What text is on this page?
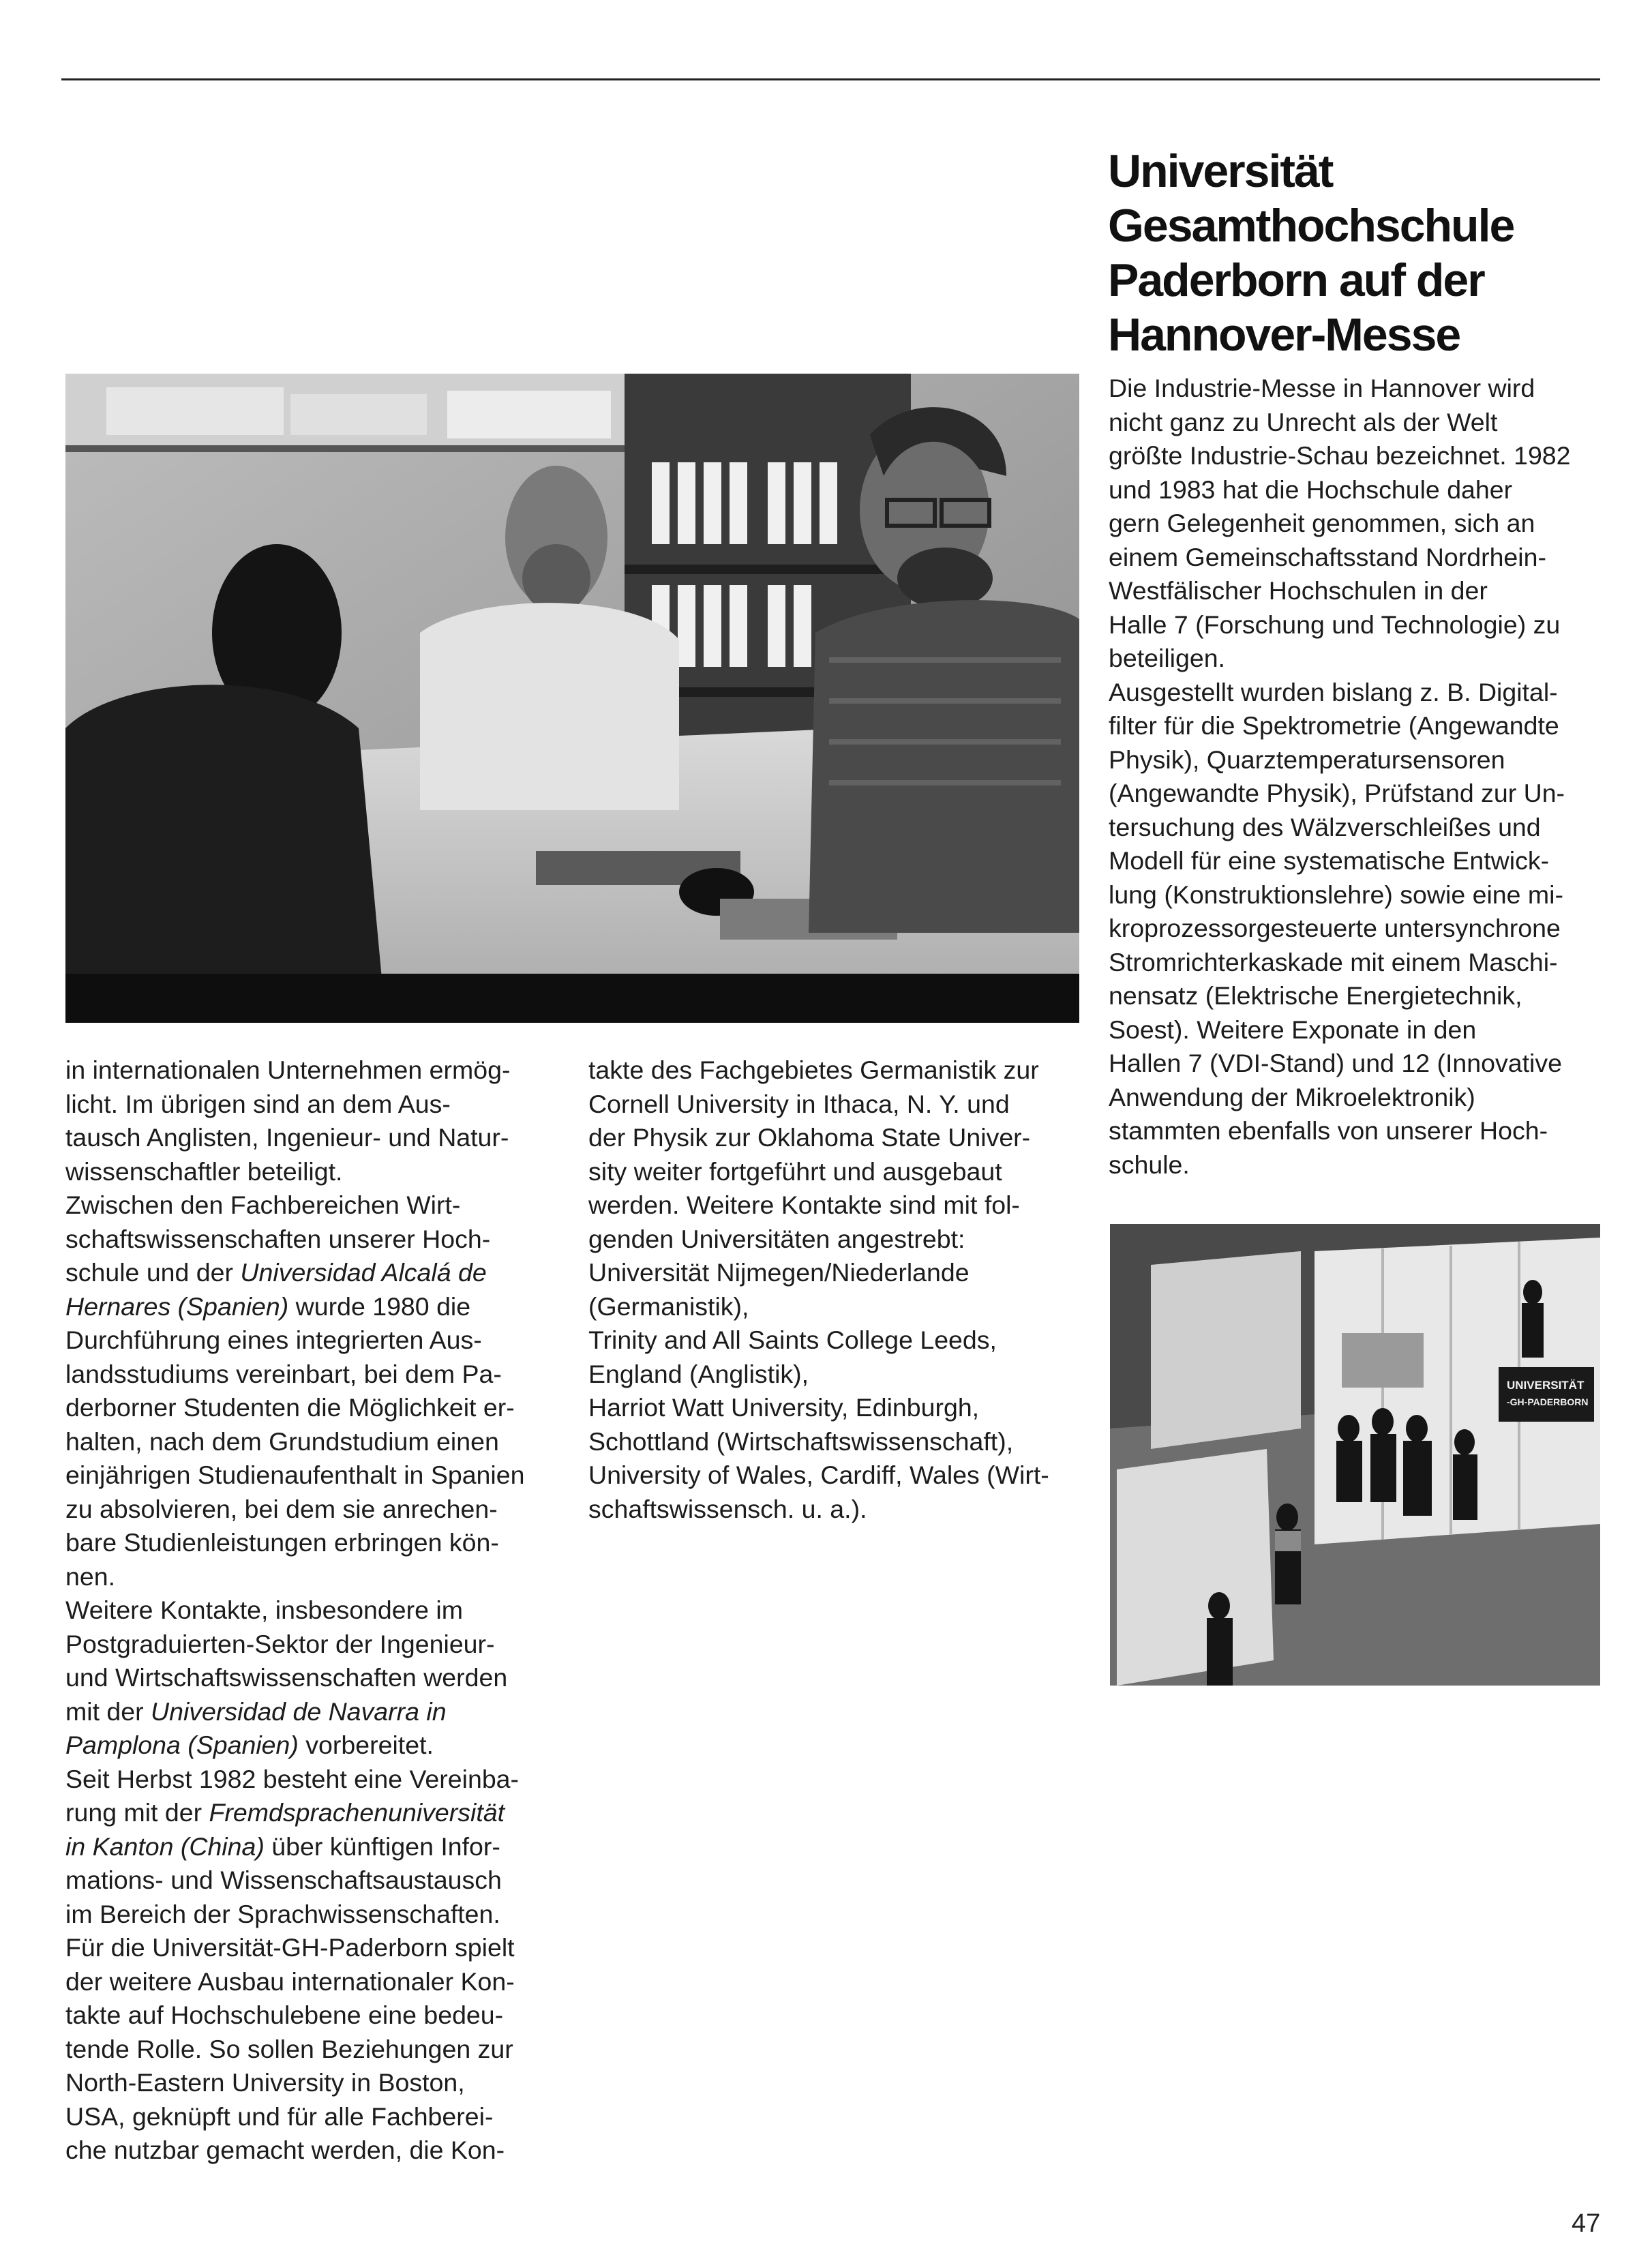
Universität
Gesamthochschule
Paderborn auf der
Hannover-Messe
in internationalen Unternehmen ermög-
licht. Im übrigen sind an dem Aus-
tausch Anglisten, Ingenieur- und Natur-
wissenschaftler beteiligt.
Zwischen den Fachbereichen Wirt-
schaftswissenschaften unserer Hoch-
schule und der Universidad Alcalá de
Hernares (Spanien) wurde 1980 die
Durchführung eines integrierten Aus-
landsstudiums vereinbart, bei dem Pa-
derborner Studenten die Möglichkeit er-
halten, nach dem Grundstudium einen
einjährigen Studienaufenthalt in Spanien
zu absolvieren, bei dem sie anrechen-
bare Studienleistungen erbringen kön-
nen.
Weitere Kontakte, insbesondere im
Postgraduierten-Sektor der Ingenieur-
und Wirtschaftswissenschaften werden
mit der Universidad de Navarra in
Pamplona (Spanien) vorbereitet.
Seit Herbst 1982 besteht eine Vereinba-
rung mit der Fremdsprachenuniversität
in Kanton (China) über künftigen Infor-
mations- und Wissenschaftsaustausch
im Bereich der Sprachwissenschaften.
Für die Universität-GH-Paderborn spielt
der weitere Ausbau internationaler Kon-
takte auf Hochschulebene eine bedeu-
tende Rolle. So sollen Beziehungen zur
North-Eastern University in Boston,
USA, geknüpft und für alle Fachberei-
che nutzbar gemacht werden, die Kon-
takte des Fachgebietes Germanistik zur
Cornell University in Ithaca, N. Y. und
der Physik zur Oklahoma State Univer-
sity weiter fortgeführt und ausgebaut
werden. Weitere Kontakte sind mit fol-
genden Universitäten angestrebt:
Universität Nijmegen/Niederlande
(Germanistik),
Trinity and All Saints College Leeds,
England (Anglistik),
Harriot Watt University, Edinburgh,
Schottland (Wirtschaftswissenschaft),
University of Wales, Cardiff, Wales (Wirt-
schaftswissensch. u. a.).
Die Industrie-Messe in Hannover wird
nicht ganz zu Unrecht als der Welt
größte Industrie-Schau bezeichnet. 1982
und 1983 hat die Hochschule daher
gern Gelegenheit genommen, sich an
einem Gemeinschaftsstand Nordrhein-
Westfälischer Hochschulen in der
Halle 7 (Forschung und Technologie) zu
beteiligen.
Ausgestellt wurden bislang z. B. Digital-
filter für die Spektrometrie (Angewandte
Physik), Quarztemperatursensoren
(Angewandte Physik), Prüfstand zur Un-
tersuchung des Wälzverschleißes und
Modell für eine systematische Entwick-
lung (Konstruktionslehre) sowie eine mi-
kroprozessorgesteuerte untersynchrone
Stromrichterkaskade mit einem Maschi-
nensatz (Elektrische Energietechnik,
Soest). Weitere Exponate in den
Hallen 7 (VDI-Stand) und 12 (Innovative
Anwendung der Mikroelektronik)
stammten ebenfalls von unserer Hoch-
schule.
UNIVERSITÄT
-GH-PADERBORN
47
